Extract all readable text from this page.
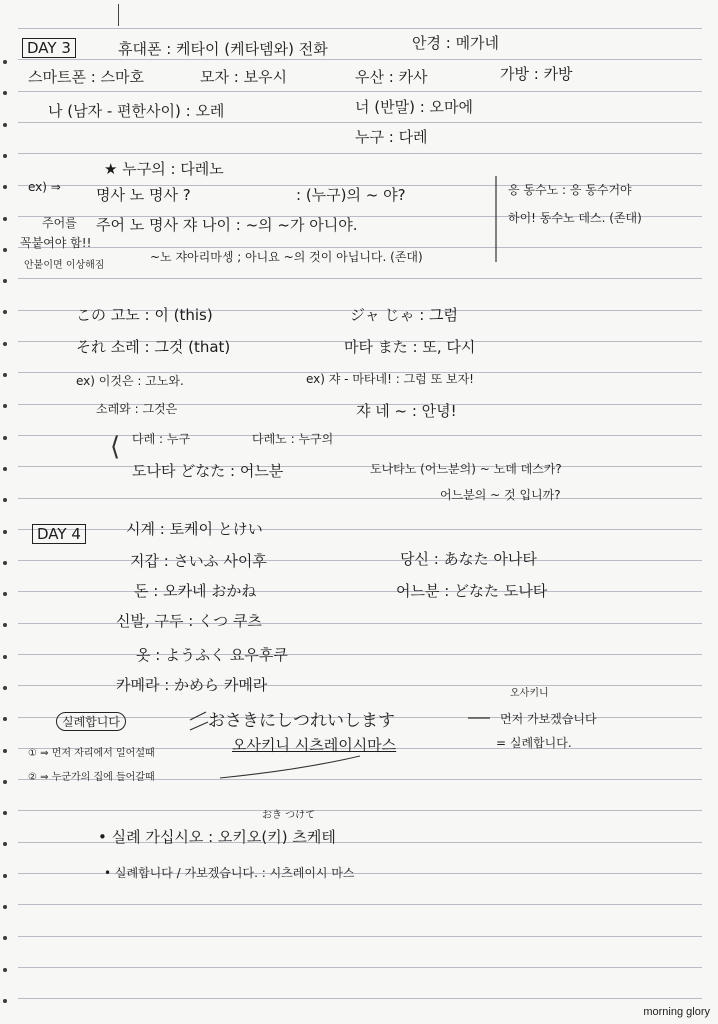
DAY 3	휴대폰 : 케타이 (케타뎀와) 전화	안경 : 메가네
스마트폰 : 스마호	모자 : 보우시	우산 : 카사	가방 : 카방
나 (남자 - 편한사이) : 오레	너 (반말) : 오마에
누구 : 다레
★ 누구의 : 다레노
ex) ⇒ 명사 노 명사 ?	: (누구)의 ~ 야?	응 동수노 : 응 동수거야
하이! 동수노 데스. (존대)
주어 노 명사 쟈 나이 : ~의 ~가 아니야.
주어를
꼭붙여야 함!!
안붙이면 이상해짐
~노 쟈아리마셍 ; 아니요 ~의 것이 아닙니다. (존대)
この 고노 : 이 (this)	ジャ じゃ : 그럼
それ 소레 : 그것 (that)	마타 また : 또, 다시
ex) 이것은 : 고노와.	ex) 쟈 - 마타네! : 그럼 또 보자!
소레와 : 그것은	쟈 네 ~ : 안녕!
⟨ 다레 : 누구	다레노 : 누구의
도나타 どなた : 어느분	도나타노 (어느분의) ~ 노데 데스카?
어느분의 ~ 것 입니까?
DAY 4	시계 : 토케이 とけい
지갑 : さいふ 사이후	당신 : あなた 아나타
돈 : 오카네 おかね	어느분 : どなた 도나타
신발, 구두 : くつ 쿠츠
옷 : ようふく 요우후쿠
카메라 : かめら 카메라
실례합니다	おさきにしつれいします
오사키니
먼저 가보겠습니다
= 실례합니다.
오사키니 시츠레이시마스
① ⇒ 먼저 자리에서 일어설때
② ⇒ 누군가의 집에 들어갈때
おき つけて
• 실례 가십시오 : 오키오(키) 츠케테
• 실례합니다 / 가보겠습니다. : 시츠레이시 마스
morning glory
